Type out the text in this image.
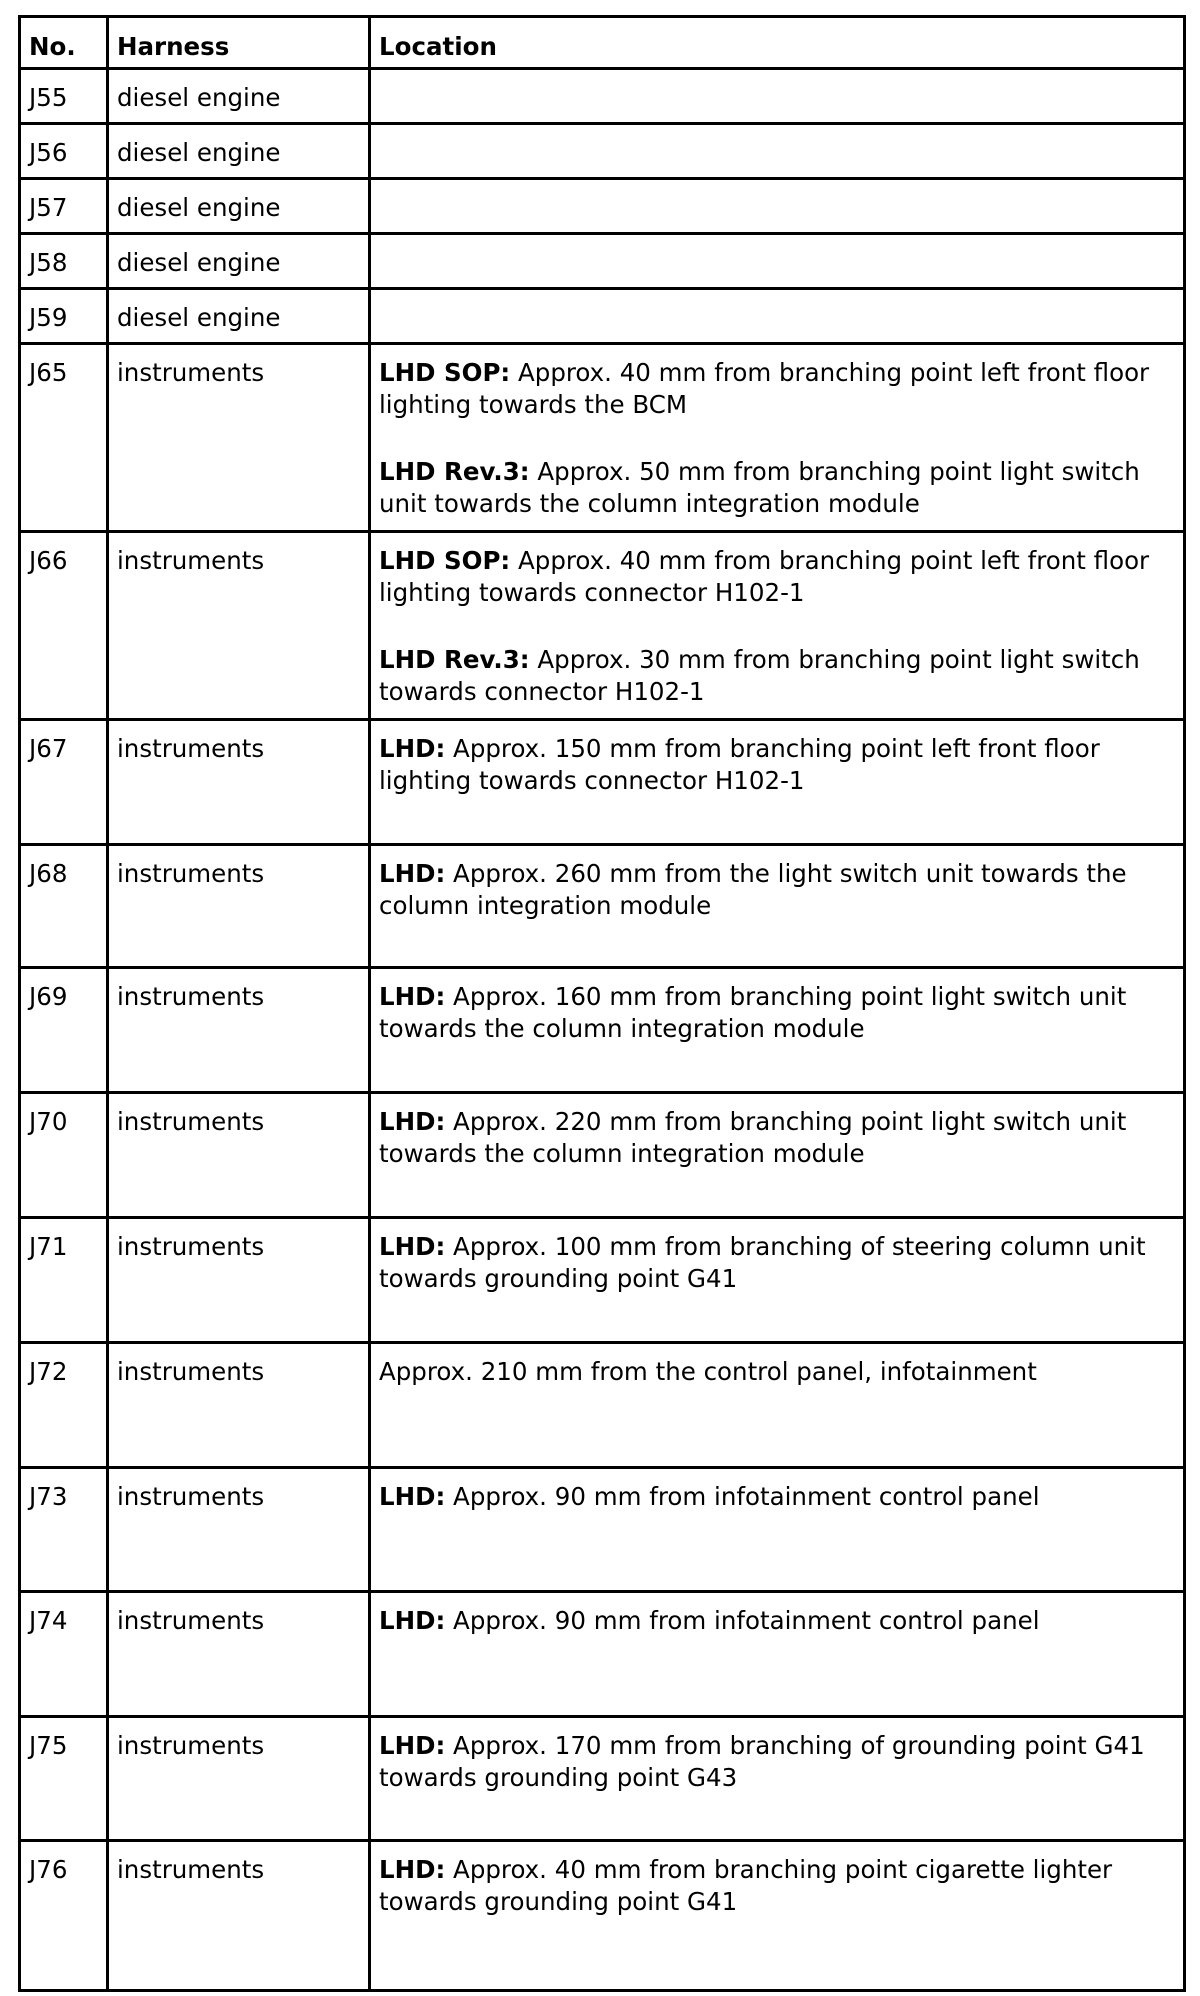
No.	Harness	Location
J55	diesel engine	
J56	diesel engine	
J57	diesel engine	
J58	diesel engine	
J59	diesel engine	
J65	instruments	LHD SOP: Approx. 40 mm from branching point left front floor lighting towards the BCM

LHD Rev.3: Approx. 50 mm from branching point light switch unit towards the column integration module

J66	instruments	LHD SOP: Approx. 40 mm from branching point left front floor lighting towards connector H102-1

LHD Rev.3: Approx. 30 mm from branching point light switch towards connector H102-1

J67	instruments	LHD: Approx. 150 mm from branching point left front floor lighting towards connector H102-1

J68	instruments	LHD: Approx. 260 mm from the light switch unit towards the column integration module

J69	instruments	LHD: Approx. 160 mm from branching point light switch unit towards the column integration module

J70	instruments	LHD: Approx. 220 mm from branching point light switch unit towards the column integration module

J71	instruments	LHD: Approx. 100 mm from branching of steering column unit towards grounding point G41

J72	instruments	Approx. 210 mm from the control panel, infotainment

J73	instruments	LHD: Approx. 90 mm from infotainment control panel

J74	instruments	LHD: Approx. 90 mm from infotainment control panel

J75	instruments	LHD: Approx. 170 mm from branching of grounding point G41 towards grounding point G43

J76	instruments	LHD: Approx. 40 mm from branching point cigarette lighter towards grounding point G41
